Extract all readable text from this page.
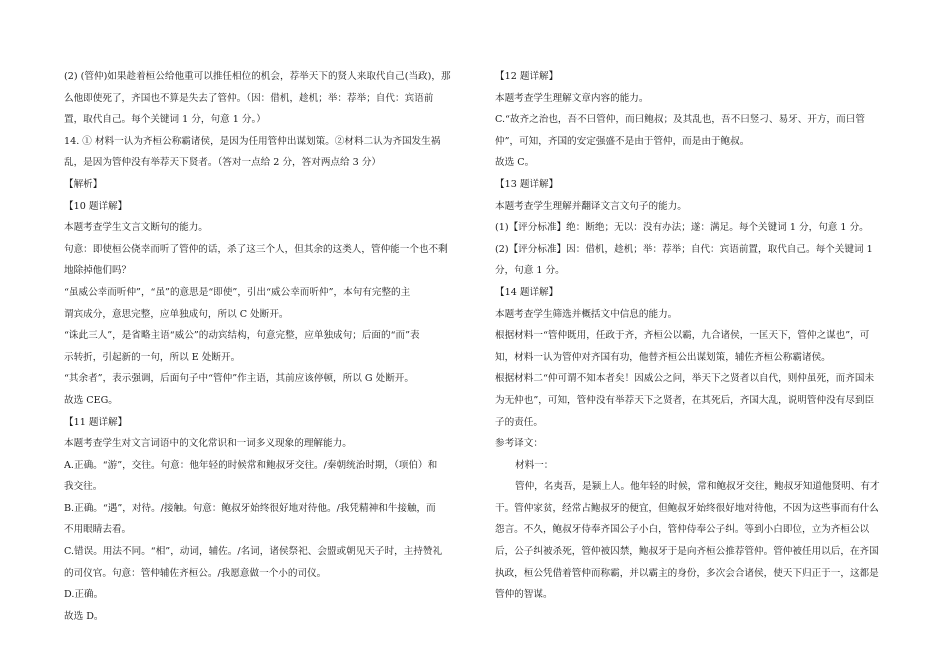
(2) (管仲)如果趁着桓公给他重可以推任相位的机会，荐举天下的贤人来取代自己(当政)，那
么他即使死了，齐国也不算是失去了管仲。（因：借机，趁机；举：荐举；自代：宾语前
置，取代自己。每个关键词 1 分，句意 1 分。）
14. ① 材料一认为齐桓公称霸诸侯，是因为任用管仲出谋划策。②材料二认为齐国发生祸
乱，是因为管仲没有举荐天下贤者。（答对一点给 2 分，答对两点给 3 分）
【解析】
【10 题详解】
本题考查学生文言文断句的能力。
句意：即使桓公侥幸而听了管仲的话，杀了这三个人，但其余的这类人，管仲能一个也不剩
地除掉他们吗？
“虽威公幸而听仲”，“虽”的意思是“即使”，引出“威公幸而听仲”，本句有完整的主
谓宾成分，意思完整，应单独成句，所以 C 处断开。
“诛此三人”，是省略主语“威公”的动宾结构，句意完整，应单独成句；后面的“而”表
示转折，引起新的一句，所以 E 处断开。
“其余者”，表示强调，后面句子中“管仲”作主语，其前应该停顿，所以 G 处断开。
故选 CEG。
【11 题详解】
本题考查学生对文言词语中的文化常识和一词多义现象的理解能力。
A.正确。“游”，交往。句意：他年轻的时候常和鲍叔牙交往。/秦朝统治时期，（项伯）和
我交往。
B.正确。“遇”，对待。/接触。句意：鲍叔牙始终很好地对待他。/我凭精神和牛接触，而
不用眼睛去看。
C.错误。用法不同。“相”，动词，辅佐。/名词，诸侯祭祀、会盟或朝见天子时，主持赞礼
的司仪官。句意：管仲辅佐齐桓公。/我愿意做一个小的司仪。
D.正确。
故选 D。
【12 题详解】
本题考查学生理解文章内容的能力。
C.“故齐之治也，吾不曰管仲，而曰鲍叔；及其乱也，吾不曰竖刁、易牙、开方，而曰管
仲”，可知，齐国的安定强盛不是由于管仲，而是由于鲍叔。
故选 C。
【13 题详解】
本题考查学生理解并翻译文言文句子的能力。
(1)【评分标准】绝：断绝；无以：没有办法；遂：满足。每个关键词 1 分，句意 1 分。
(2)【评分标准】因：借机，趁机；举：荐举；自代：宾语前置，取代自己。每个关键词 1
分，句意 1 分。
【14 题详解】
本题考查学生筛选并概括文中信息的能力。
根据材料一“管仲既用，任政于齐，齐桓公以霸，九合诸侯，一匡天下，管仲之谋也”，可
知，材料一认为管仲对齐国有功，他替齐桓公出谋划策，辅佐齐桓公称霸诸侯。
根据材料二“仲可谓不知本者矣！因威公之问，举天下之贤者以自代，则仲虽死，而齐国未
为无仲也”，可知，管仲没有举荐天下之贤者，在其死后，齐国大乱，说明管仲没有尽到臣
子的责任。
参考译文：
材料一：
管仲，名夷吾，是颍上人。他年轻的时候，常和鲍叔牙交往，鲍叔牙知道他贤明、有才
干。管仲家贫，经常占鲍叔牙的便宜，但鲍叔牙始终很好地对待他，不因为这些事而有什么
怨言。不久，鲍叔牙侍奉齐国公子小白，管仲侍奉公子纠。等到小白即位，立为齐桓公以
后，公子纠被杀死，管仲被囚禁，鲍叔牙于是向齐桓公推荐管仲。管仲被任用以后，在齐国
执政，桓公凭借着管仲而称霸，并以霸主的身份，多次会合诸侯，使天下归正于一，这都是
管仲的智谋。
